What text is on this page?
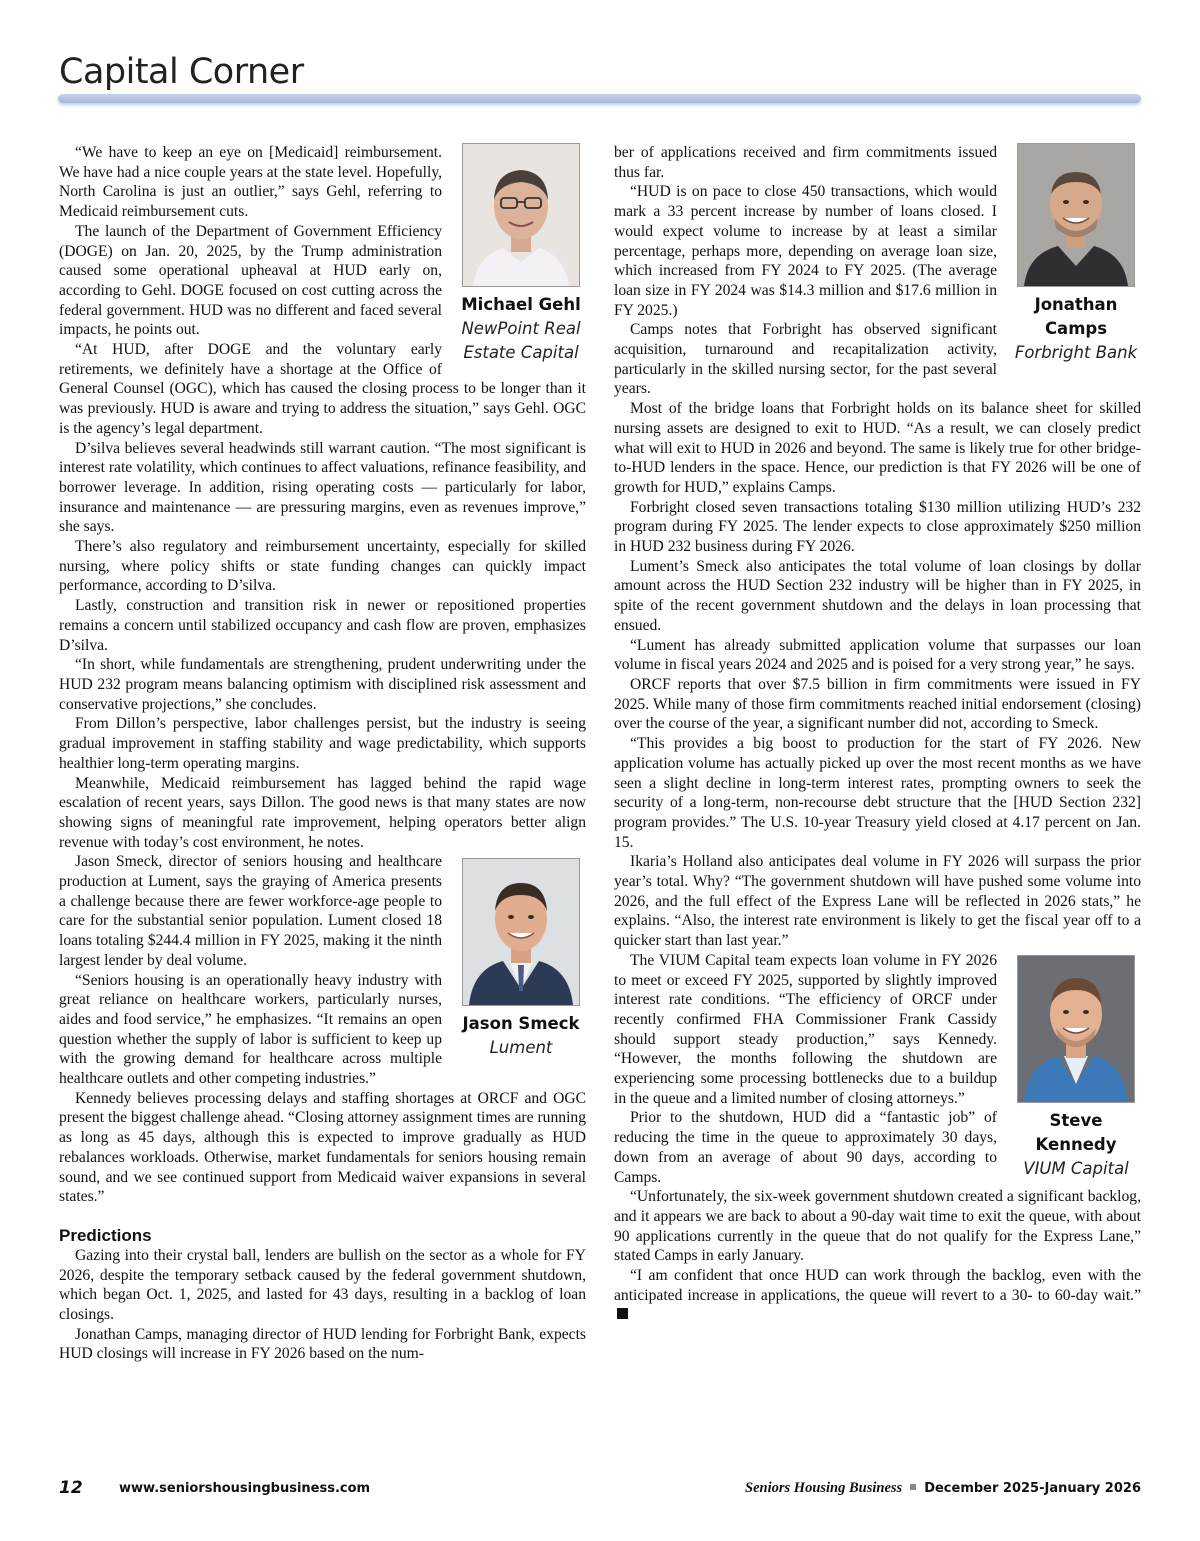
Capital Corner
Michael Gehl
NewPoint Real Estate Capital

“We have to keep an eye on [Medicaid] reimbursement. We have had a nice couple years at the state level. Hopefully, North Carolina is just an outlier,” says Gehl, referring to Medicaid reimbursement cuts.

The launch of the Department of Government Efficiency (DOGE) on Jan. 20, 2025, by the Trump administration caused some operational upheaval at HUD early on, according to Gehl. DOGE focused on cost cutting across the federal government. HUD was no different and faced several impacts, he points out.

“At HUD, after DOGE and the voluntary early retirements, we definitely have a shortage at the Office of General Counsel (OGC), which has caused the closing process to be longer than it was previously. HUD is aware and trying to address the situation,” says Gehl. OGC is the agency’s legal department.

D’silva believes several headwinds still warrant caution. “The most significant is interest rate volatility, which continues to affect valuations, refinance feasibility, and borrower leverage. In addition, rising operating costs — particularly for labor, insurance and maintenance — are pressuring margins, even as revenues improve,” she says.

There’s also regulatory and reimbursement uncertainty, especially for skilled nursing, where policy shifts or state funding changes can quickly impact performance, according to D’silva.

Lastly, construction and transition risk in newer or repositioned properties remains a concern until stabilized occupancy and cash flow are proven, emphasizes D’silva.

“In short, while fundamentals are strengthening, prudent underwriting under the HUD 232 program means balancing optimism with disciplined risk assessment and conservative projections,” she concludes.

From Dillon’s perspective, labor challenges persist, but the industry is seeing gradual improvement in staffing stability and wage predictability, which supports healthier long-term operating margins.

Meanwhile, Medicaid reimbursement has lagged behind the rapid wage escalation of recent years, says Dillon. The good news is that many states are now showing signs of meaningful rate improvement, helping operators better align revenue with today’s cost environment, he notes.

Jason Smeck
Lument

Jason Smeck, director of seniors housing and healthcare production at Lument, says the graying of America presents a challenge because there are fewer workforce-age people to care for the substantial senior population. Lument closed 18 loans totaling $244.4 million in FY 2025, making it the ninth largest lender by deal volume.

“Seniors housing is an operationally heavy industry with great reliance on healthcare workers, particularly nurses, aides and food service,” he emphasizes. “It remains an open question whether the supply of labor is sufficient to keep up with the growing demand for healthcare across multiple healthcare outlets and other competing industries.”

Kennedy believes processing delays and staffing shortages at ORCF and OGC present the biggest challenge ahead. “Closing attorney assignment times are running as long as 45 days, although this is expected to improve gradually as HUD rebalances workloads. Otherwise, market fundamentals for seniors housing remain sound, and we see continued support from Medicaid waiver expansions in several states.”

Predictions

Gazing into their crystal ball, lenders are bullish on the sector as a whole for FY 2026, despite the temporary setback caused by the federal government shutdown, which began Oct. 1, 2025, and lasted for 43 days, resulting in a backlog of loan closings.

Jonathan Camps, managing director of HUD lending for Forbright Bank, expects HUD closings will increase in FY 2026 based on the num-

Jonathan Camps
Forbright Bank

ber of applications received and firm commitments issued thus far.

“HUD is on pace to close 450 transactions, which would mark a 33 percent increase by number of loans closed. I would expect volume to increase by at least a similar percentage, perhaps more, depending on average loan size, which increased from FY 2024 to FY 2025. (The average loan size in FY 2024 was $14.3 million and $17.6 million in FY 2025.)

Camps notes that Forbright has observed significant acquisition, turnaround and recapitalization activity, particularly in the skilled nursing sector, for the past several years.

Most of the bridge loans that Forbright holds on its balance sheet for skilled nursing assets are designed to exit to HUD. “As a result, we can closely predict what will exit to HUD in 2026 and beyond. The same is likely true for other bridge-to-HUD lenders in the space. Hence, our prediction is that FY 2026 will be one of growth for HUD,” explains Camps.

Forbright closed seven transactions totaling $130 million utilizing HUD’s 232 program during FY 2025. The lender expects to close approximately $250 million in HUD 232 business during FY 2026.

Lument’s Smeck also anticipates the total volume of loan closings by dollar amount across the HUD Section 232 industry will be higher than in FY 2025, in spite of the recent government shutdown and the delays in loan processing that ensued.

“Lument has already submitted application volume that surpasses our loan volume in fiscal years 2024 and 2025 and is poised for a very strong year,” he says.

ORCF reports that over $7.5 billion in firm commitments were issued in FY 2025. While many of those firm commitments reached initial endorsement (closing) over the course of the year, a significant number did not, according to Smeck.

“This provides a big boost to production for the start of FY 2026. New application volume has actually picked up over the most recent months as we have seen a slight decline in long-term interest rates, prompting owners to seek the security of a long-term, non-recourse debt structure that the [HUD Section 232] program provides.” The U.S. 10-year Treasury yield closed at 4.17 percent on Jan. 15.

Ikaria’s Holland also anticipates deal volume in FY 2026 will surpass the prior year’s total. Why? “The government shutdown will have pushed some volume into 2026, and the full effect of the Express Lane will be reflected in 2026 stats,” he explains. “Also, the interest rate environment is likely to get the fiscal year off to a quicker start than last year.”

Steve Kennedy
VIUM Capital

The VIUM Capital team expects loan volume in FY 2026 to meet or exceed FY 2025, supported by slightly improved interest rate conditions. “The efficiency of ORCF under recently confirmed FHA Commissioner Frank Cassidy should support steady production,” says Kennedy. “However, the months following the shutdown are experiencing some processing bottlenecks due to a buildup in the queue and a limited number of closing attorneys.”

Prior to the shutdown, HUD did a “fantastic job” of reducing the time in the queue to approximately 30 days, down from an average of about 90 days, according to Camps.

“Unfortunately, the six-week government shutdown created a significant backlog, and it appears we are back to about a 90-day wait time to exit the queue, with about 90 applications currently in the queue that do not qualify for the Express Lane,” stated Camps in early January.

“I am confident that once HUD can work through the backlog, even with the anticipated increase in applications, the queue will revert to a 30- to 60-day wait.”

12	www.seniorshousingbusiness.com	Seniors Housing Business December 2025-January 2026
